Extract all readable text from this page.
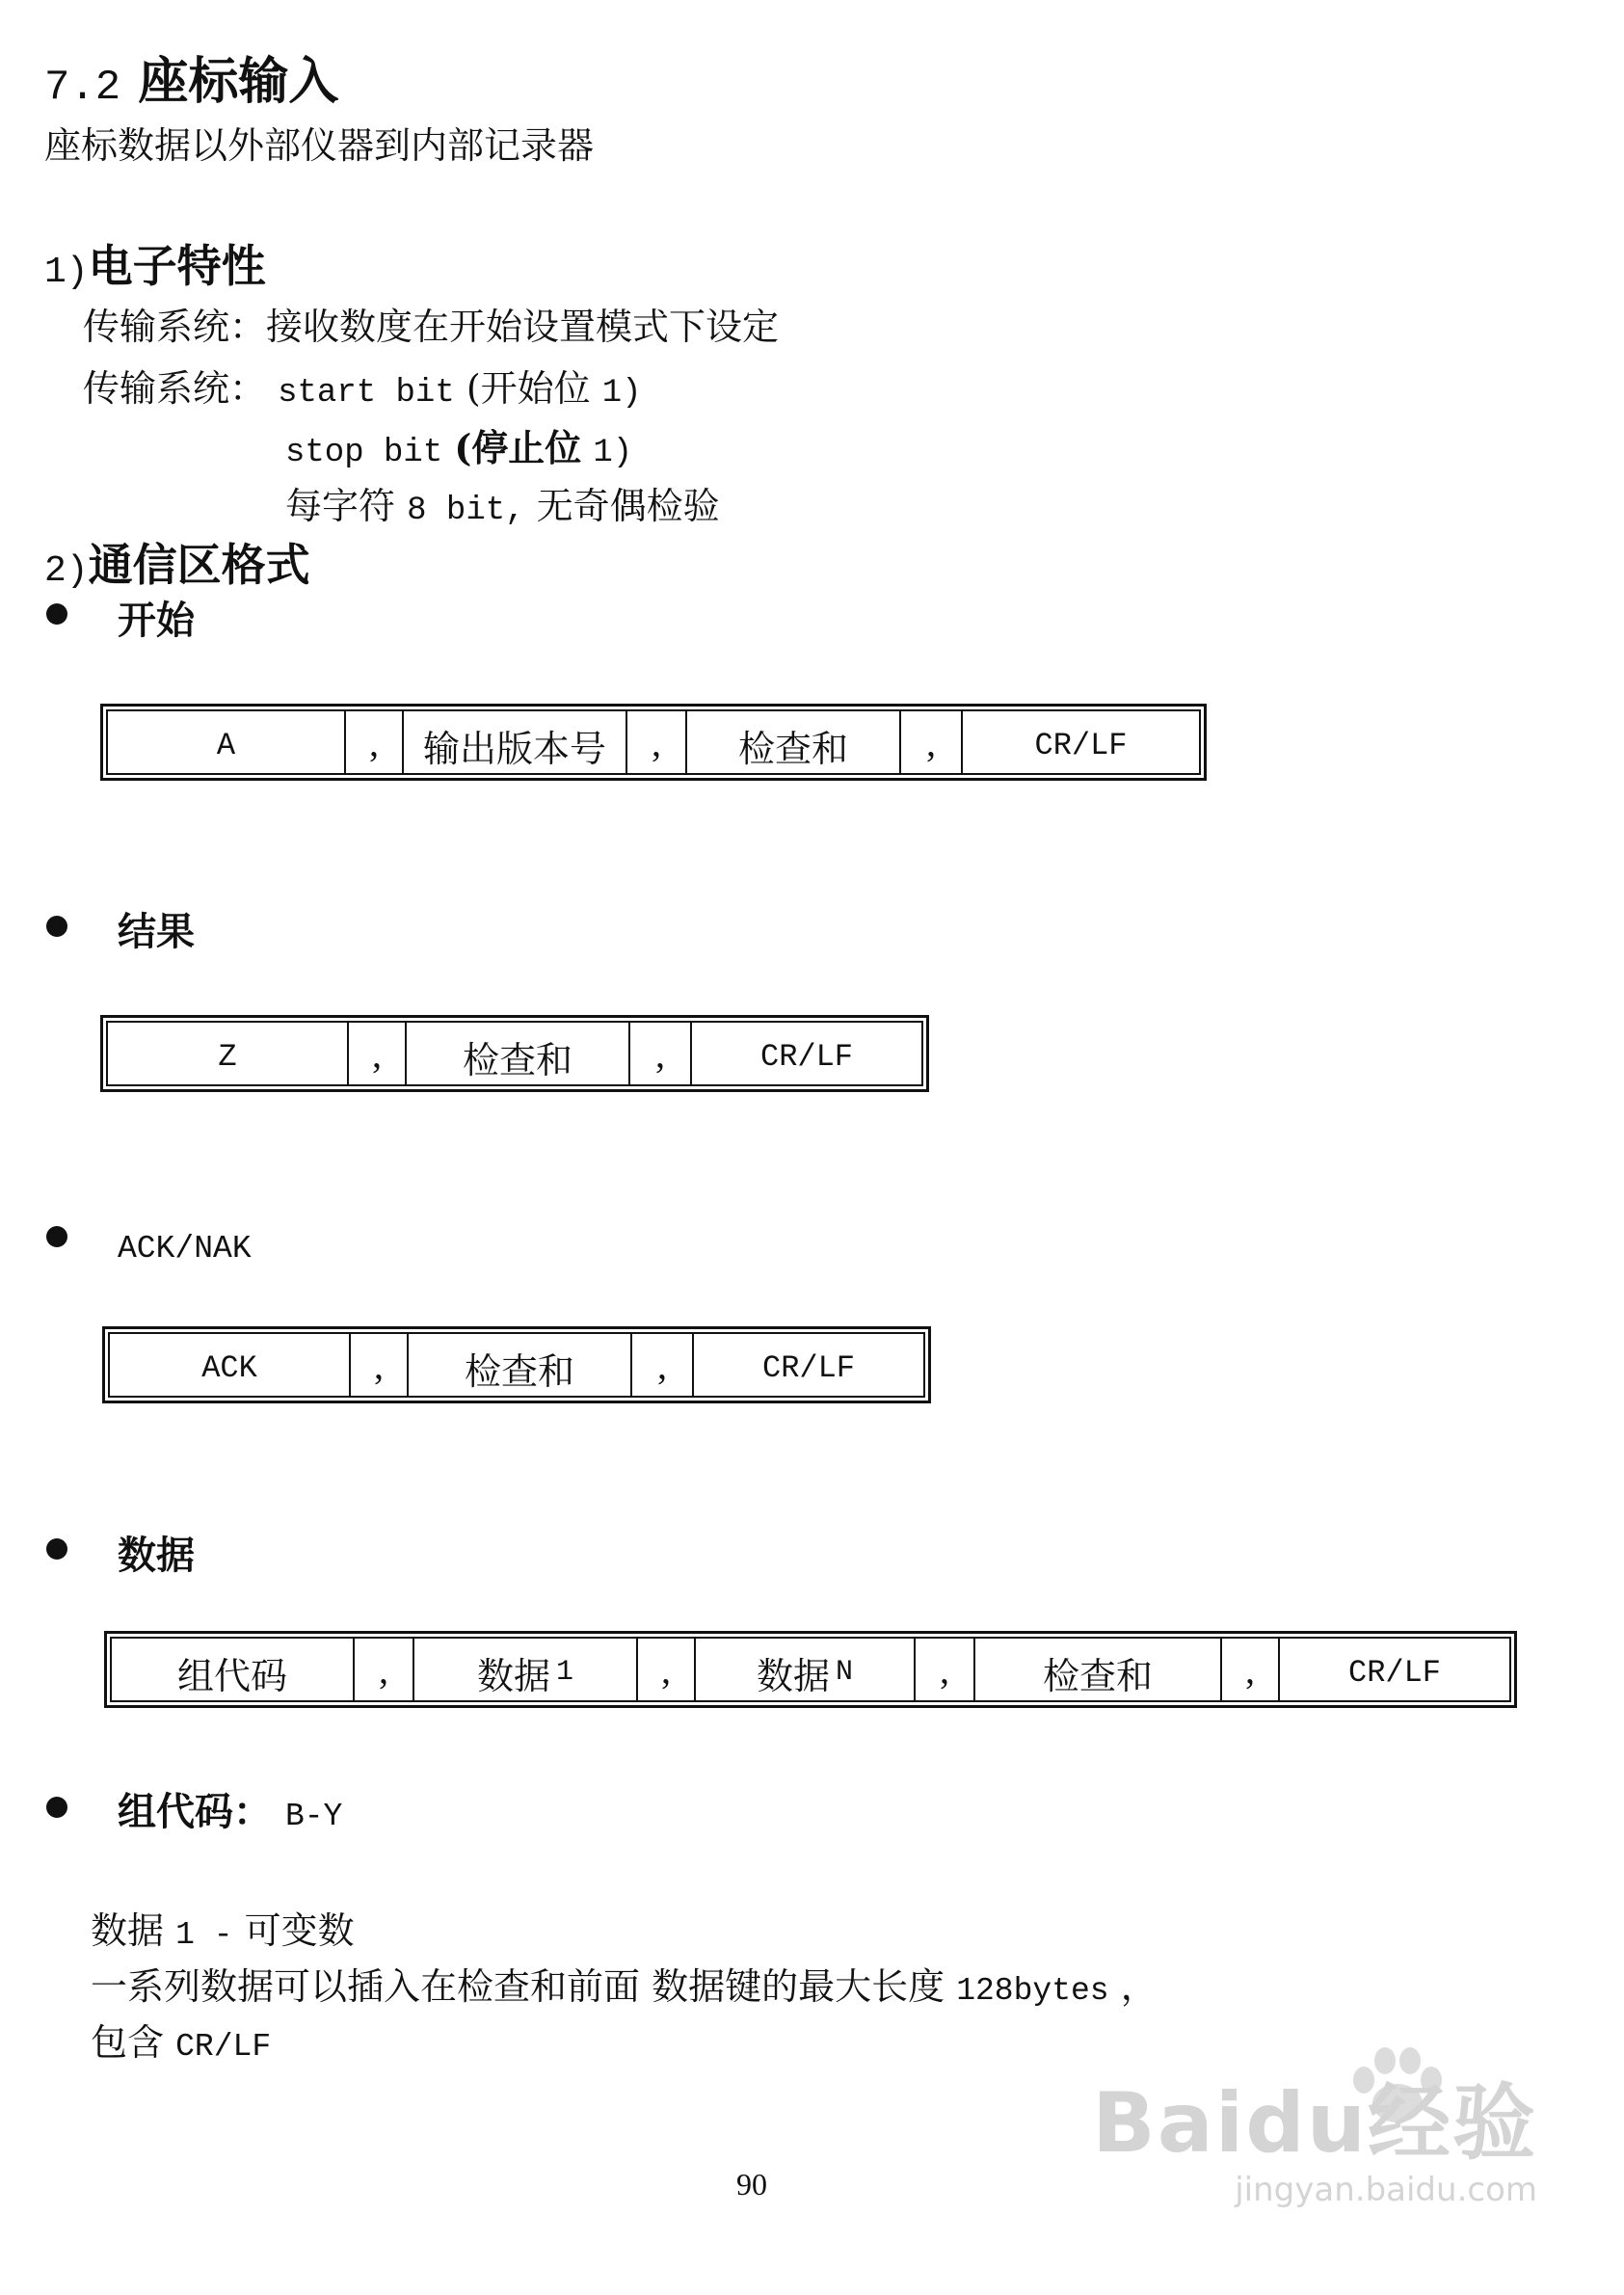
7.2 座标输入
座标数据以外部仪器到内部记录器
1)电子特性
传输系统：接收数度在开始设置模式下设定
传输系统： start bit (开始位 1)
stop bit (停止位 1)
每字符 8 bit, 无奇偶检验
2)通信区格式
开始
A	,	输出版本号	,	检查和	,	CR/LF
结果
Z	,	检查和	,	CR/LF
ACK/NAK
ACK	,	检查和	,	CR/LF
数据
组代码	,	数据 1	,	数据 N	,	检查和	,	CR/LF
组代码： B-Y
数据 1 - 可变数
一系列数据可以插入在检查和前面 数据键的最大长度 128bytes ，
包含 CR/LF
90
Baidu经验
jingyan.baidu.com
